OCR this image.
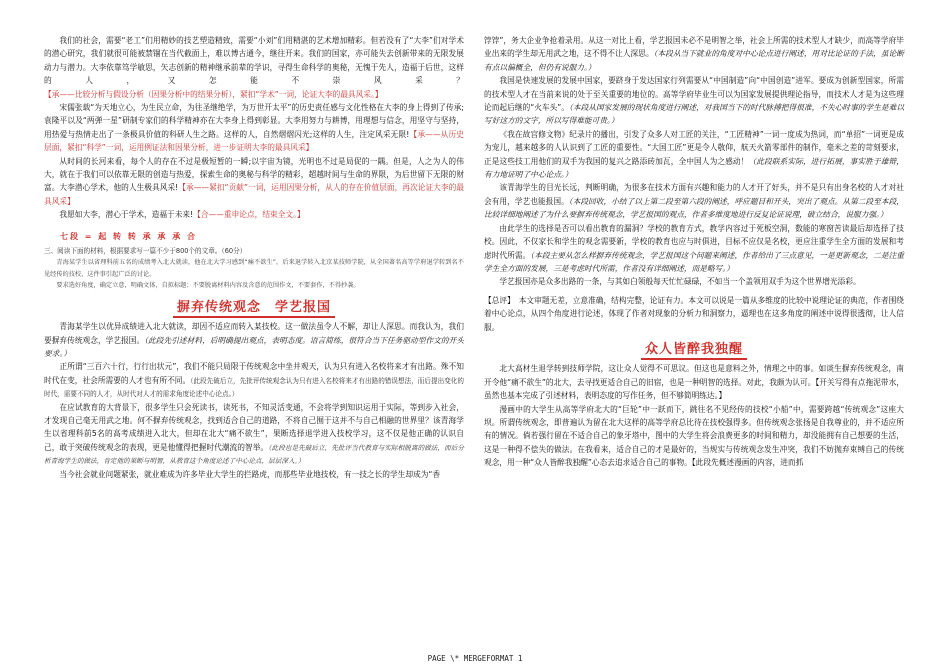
我们的社会，需要“老工”们用精妙的技艺塑造精致，需要“小刘”们用精湛的艺术增加精彩。但若没有了“大李”们对学术的潜心研究，我们就很可能被禁锢在当代截面上，难以博古通今，继往开来。我们的国家，亦可能失去创新带来的无限发展动力与潜力。大李依靠笃学敏思，矢志创新的精神继承前辈的学识，寻得生命科学的奥秘，无愧于先人，造福于后世，这样的人，又怎能不崇风采？【承——比较分析与假设分析（因果分析中的结果分析），紧扣“学术”一词，论证大李的最具风采。】

宋儒张载“为天地立心，为生民立命，为往圣继绝学，为万世开太平”的历史责任感与文化性格在大李的身上得到了传承;袁隆平以及“两弹一星”研制专家们的科学精神亦在大李身上得到彰显。大李用努力与耕博，用理想与信念，用坚守与坚持，用热爱与热情走出了一条极具价值的科研人生之路。这样的人，自然熠熠闪光;这样的人生，注定风采无限!【承——从历史层面，紧扣“科学”一词，运用例证法和因果分析，进一步证明大李的最具风采】

从时间的长河来看，每个人的存在不过是极短暂的一瞬;以宇宙为镜，光明也不过是局促的一隅。但是，人之为人的伟大，就在于我们可以依靠无限的创造与热爱，探索生命的奥秘与科学的精彩，超越时间与生命的界限，为后世留下无限的财富。大李潜心学术，他的人生极具风采!【承——紧扣“贡献”一词，运用因果分析，从人的存在价值层面，再次论证大李的最具风采】

我愿如大李，潜心于学术，造福于未来!【合——重申论点，结束全文。】

七段 = 起 转 转 承 承 承 合

三、阅读下面的材料，根据要求写一篇不少于800个的文章。（60分）

青海某学生以省理科前五名的成绩考入北大就读，他在北大学习感到“痛不欲生”，后来退学转入北京某技师学院，从全国著名高等学府退学转到名不见经传的技校，这件事引起广泛的讨论。

要求选好角度，确定立意，明确文体，自拟标题；不要脱离材料内容及含意的范围作文，不要套作，不得抄袭。

摒弃传统观念　学艺报国

青海某学生以优异成绩进入北大就读，却因不适应而转入某技校。这一做法虽令人不解，却让人深思。而我认为，我们要摒弃传统观念，学艺报国。（此段先引述材料，后明确提出观点，表明态度。语言简练，很符合当下任务驱动型作文的开头要求。）

正所谓“三百六十行，行行出状元”，我们不能只局限于传统观念中坐井观天，认为只有进入名校将来才有出路。殊不知时代在变，社会所需要的人才也有所不同。（此段先破后立，先批评传统观念认为只有进入名校将来才有出路的错误想法，而后提出变化的时代，需要不同的人才，从时代对人才的需求角度论述中心论点。）

在应试教育的大背景下，很多学生只会死读书，读死书，不知灵活变通，不会将学到知识运用于实际，等到步入社会，才发现自己毫无用武之地。何不摒弃传统观念，找到适合自己的道路，不将自己囿于这并不与自己相融的世界里？该青海学生以省理科前5名的高考成绩进入北大，但却在北大“痛不欲生”，果断选择退学进入技校学习，这不仅是他正确的认识自己，敢于突破传统观念的表现，更是他懂得把握时代潮流的智举。（此段也是先破后立，先批评当代教育与实际相脱离的做法，而后分析青海学生的做法，肯定他的果断与明智，从教育这个角度论述了中心论点，层层深入。）

当今社会就业问题紧张，就业难成为许多毕业大学生的拦路虎，而那些毕业地技校，有一技之长的学生却成为“香

饽饽”，务大企业争抢着录用。从这一对比上看，学艺报国未必不是明智之举，社会上所需的技术型人才缺少，而高等学府毕业出来的学生却无用武之地，这不得不让人深思。（本段从当下就业的角度对中心论点进行阐述，用对比论证的手法，虽论断有点以偏概全，但仍有说服力。）

我国是快速发展的发展中国家，要跻身于发达国家行列需要从“中国制造”向“中国创造”进军。要成为创新型国家，所需的技术型人才在当前来说的处于至关重要的地位的。高等学府毕业生可以为国家发展提供理论指导，而技术人才是为这些理论而起后继的“火车头”。（本段从国家发展的现状角度进行阐述，对我国当下的时代脉搏把得很准，不失心时事的学生是难以写好这方的文字，所以写得难能可贵。）

《我在故宫修文物》纪录片的播出，引发了众多人对工匠的关注，“工匠精神”一词一度成为热词，而“单招”一词更是成为宠儿，越来越多的人认识到了工匠的重要性。“大国工匠”更是令人敬仰，航天火箭零部件的制作，毫米之差的苛刻要求，正是这些技工用他们的双手为我国的复兴之路添砖加瓦，全中国人为之感动！（此段联系实际，进行拓展，事实胜于雄辩，有力地证明了中心论点。）

该青海学生的目光长远，判断明确，为很多在技术方面有兴趣和能力的人才开了好头，并不是只有出身名校的人才对社会有用，学艺也能报国。（本段回收，小结了以上第二段至第六段的阐述，呼应题目和开头，突出了观点。从第二段至本段，比较详细地阐述了为什么要摒弃传统观念，学艺报国的观点，作者多维度地进行反复论证说理，破立结合，说服力强。）

由此学生的选择是否可以看出教育的漏洞？学校的教育方式，教学内容过于死板空洞，数能的寒窗苦读最后却选择了技校。因此，不仅家长和学生的观念需要新，学校的教育也应与时俱进，目标不应仅是名校，更应注重学生全方面的发展和考虑时代所需。（本段主要从怎么样摒弃传统观念，学艺报国这个问题来阐述，作者给出了三点意见，一是更新观念，二是注重学生全方面的发展，三是考虑时代所需，作者没有详细阐述，而是略写。）

学艺报国亦是众多出路的一条，与其如白领般每天忙忙碌碌，不如当一个盖领用双手为这个世界增光添彩。

【总评】　 本文审题无差，立意准确，结构完整，论证有力。本文可以说是一篇从多维度的比较中说理论证的典范，作者围绕着中心论点，从四个角度进行论述，体现了作者对现象的分析力和洞察力，逼理也在这多角度的阐述中说得很透彻，让人信服。

众人皆醉我独醒

北大高材生退学转到技师学院，这让众人觉得不可思议。但这也是意料之外，情理之中的事。如谈生摒弃传统观念，南开令他“痛不欲生”的北大，去寻找更适合自己的旧宿，也是一种明智的选择。对此，我颇为认可。【开关写得有点拖泥带水，虽然也基本完成了引述材料，表明态度的写作任务，但不够简明练达。】

漫画中的大学生从高等学府北大的“巨轮”中一跃而下，跳往名不见经传的技校“小船”中，需要跨越“传统观念”这座大坝。所谓传统观念，即普遍认为留在北大这样的高等学府总比待在技校强得多。但传统观念张扬是自我尊业的，并不适应所有的情况。倘若强行留在不适合自己的象牙塔中，图中的大学生将会浪费更多的时间和精力，却没能拥有自己想要的生活，这是一种得不偿失的做法。在我看来，适合自己的才是最好的，当规实与传统观念发生冲突，我们不妨抛弃束缚自己的传统观念，用一种“众人皆醉我独醒”心态去追求适合自己的事物。【此段先概述漫画的内容，进而抓

PAGE \* MERGEFORMAT 1
